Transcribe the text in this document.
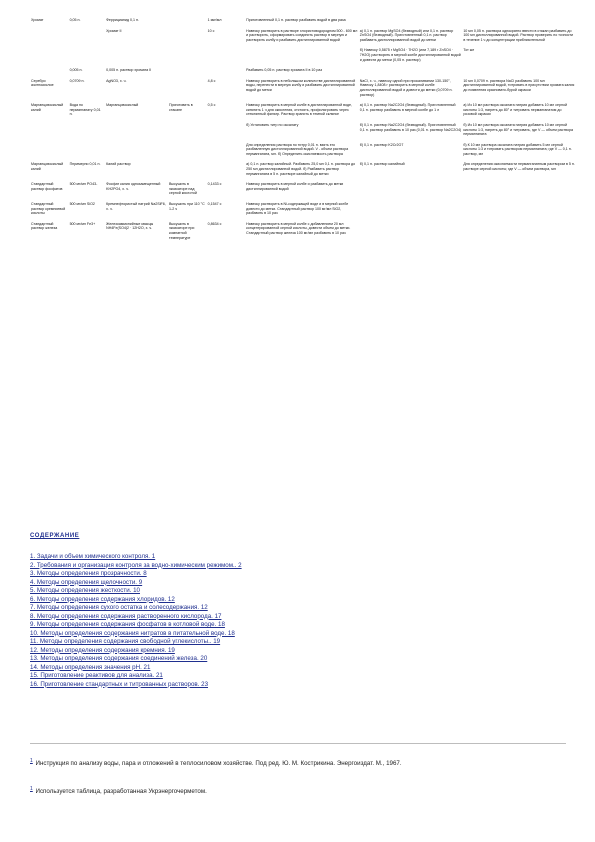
Хромат	0,05 н.	Феррицианид 0,1 н.		1 мкг/мл	Приготовленный 0,1 н. раствор разбавить водой в два раза		
		Хромат II		10 с	Навеску растворить в растворе хлористоводородном 500 - 600 мл и растворить, сформировать соединить раствор в мерную и растворить колбу и разбавить дистиллированной водой	а) 0,1 н. раствор MgSO4 (безводный) или 0,1 н. раствор ZnSO4 (безводный). Приготовленный 0,1 н. раствор разбавить дистиллированной водой до метки	10 мл 0,05 н. раствора однократно ввести в стакан разбавить до 100 мл дистиллированной водой. Раствор проверить по точности в течение 1 ч до концентрации приблизительной
						б) Навеску 0,5875 г MgSO4 · 7H2O (или 7,189 г ZnSO4 · 7H2O) растворить в мерной колбе дистиллированной водой и довести до метки (0,05 н. раствор)	Тот же
	0,005 н.	0,005 н. раствор хромата II			Разбавить 0,05 н. раствор хромата II в 10 раз		
Серебро азотнокислое	0,0709 н.	AgNO3, х. ч.		4,8 с	Навеску растворить в небольшом количестве дистиллированной воды, перенести в мерную колбу и разбавить дистиллированной водой до метки	NaCl, х. ч., навеску одной при прокаливании 130-150°, Навеску 1,8408 г растворить в мерной колбе дистиллированной водой и довести до метки (0,0709 н. раствор)	10 мл 0,0709 н. раствора NaCl разбавить 100 мл дистиллированной водой, титровать в присутствии хромата калия до появления красновато-бурой окраски
Марганцовокислый калий	Вода по перманганату 0,01 н.	Марганцовокислый	Приготовить в стакане	0,5 с	Навеску растворить в мерной колбе в дистиллированной воде, кипятить 1 ч для окисления, отстоять, профильтровать через стеклянный фильтр. Раствор хранить в темной склянке	а) 0,1 н. раствор Na2C2O4 (безводный). Приготовленный 0,1 н. раствор разбавить в мерной колбе до 1 л	а) Из 10 мл раствора оксалата натрия добавить 10 мл серной кислоты 1:3, нагреть до 80° и титровать перманганатом до розовой окраски
					б) Установить титр по оксалату	б) 0,1 н. раствор Na2C2O4 (безводный). Приготовленный 0,1 н. раствор разбавить в 10 раз (0,01 н. раствор Na2C2O4)	б) Из 10 мл раствора оксалата натрия добавить 10 мл серной кислоты 1:3, нагреть до 80° и титровать, где V — объем раствора перманганата
					Для определения раствора по титру 0,01 н. взять его разбавленную дистиллированной водой. V - объем раствора перманганата, мл. б) Определить окисляемость раствора	б) 0,1 н. раствор K2Cr2O7	б) К 10 мл раствора оксалата натрия добавить 5 мл серной кислоты 1:3 и титровать раствором перманганата; где V — 0,1 н. раствор, мл
Марганцовокислый калий	Ппримерно 0,01 н.	Калий раствор			а) 0,1 н. раствор калийный. Разбавить 25,0 мл 0,1 н. раствора до 250 мл дистиллированной водой. б) Разбавить раствор перманганата в 5 н. растворе калийный до метки	б) 0,1 н. раствор калийный	Для определения окисляемости перманганатным раствором в 5 н. растворе серной кислоты; где V — объем раствора, мл
Стандартный раствор фосфатов	500 мг/мл PO43-	Фосфат калия однозамещенный KH2PO4, х. ч.	Высушить в эксикаторе над серной кислотой	0,1433 с	Навеску растворить в мерной колбе и разбавить до метки дистиллированной водой		
Стандартный раствор кремниевой кислоты	500 мг/мл SiO2	Кремнефтористый натрий Na2SiF6, х. ч.	Высушить при 110 °С 1-2 ч	0,1547 с	Навеску растворить в Ni-содержащей воде и в мерной колбе довести до метки. Стандартный раствор 100 мг/мл SiO2, разбавить в 10 раз		
Стандартный раствор железа	500 мг/мл Fe3+	Железоаммонийные квасцы NH4Fe(SO4)2 · 12H2O, х. ч.	Высушить в эксикаторе при комнатной температуре	0,8634 с	Навеску растворить в мерной колбе с добавлением 20 мл концентрированной серной кислоты, довести объем до метки. Стандартный раствор железа 100 мг/мл разбавить в 10 раз		
СОДЕРЖАНИЕ
1. Задачи и объем химического контроля. 1
2. Требования и организация контроля за водно-химическим режимом.. 2
3. Методы определения прозрачности. 8
4. Методы определения щелочности. 9
5. Методы определения жесткости. 10
6. Методы определения содержания хлоридов. 12
7. Методы определения сухого остатка и солесодержания. 12
8. Методы определения содержания растворенного кислорода. 17
9. Методы определения содержания фосфатов в котловой воде. 18
10. Методы определения содержания нитратов в питательной воде. 18
11. Методы определения содержания свободной углекислоты.. 19
12. Методы определения содержания кремния. 19
13. Методы определения содержания соединений железа. 20
14. Методы определения значения рН. 21
15. Приготовление реактивов для анализа. 21
16. Приготовление стандартных и титрованных растворов. 23
$^1$ Инструкция по анализу воды, пара и отложений в теплосиловом хозяйстве. Под ред. Ю. М. Кострикина. Энергоиздат. М., 1967.
$^1$ Используется таблица, разработанная Укрэнергочерметом.
